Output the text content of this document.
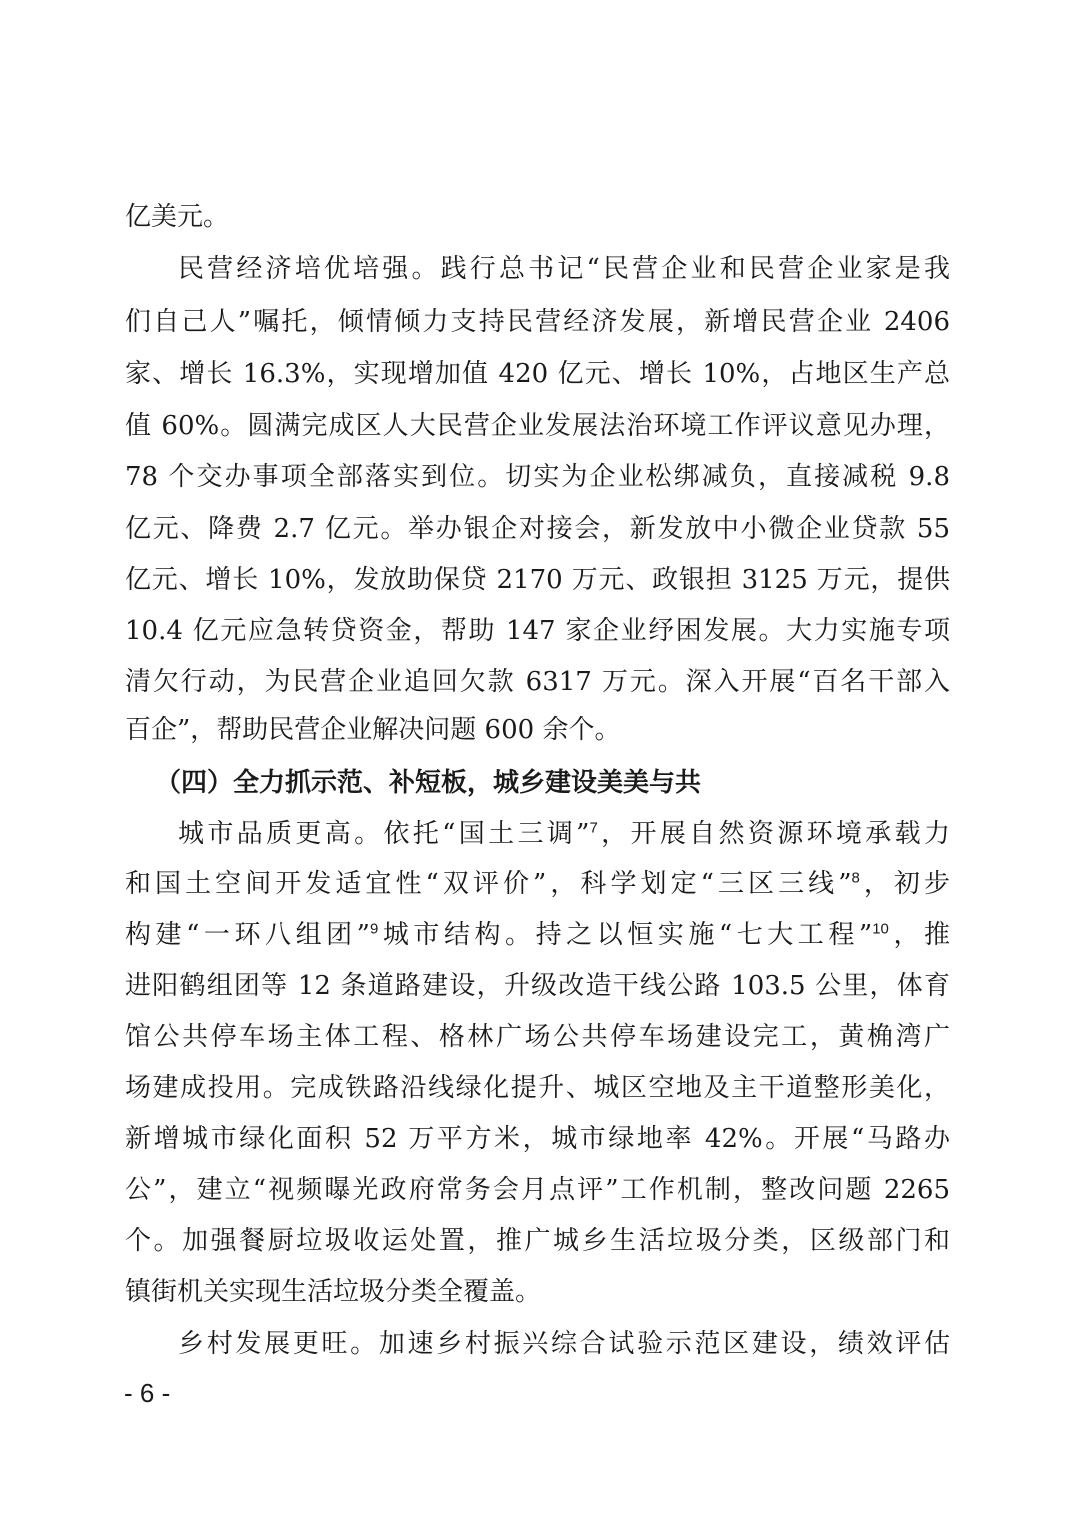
亿美元。
民营经济培优培强。践行总书记“民营企业和民营企业家是我
们自己人”嘱托，倾情倾力支持民营经济发展，新增民营企业 2406
家、增长 16.3%，实现增加值 420 亿元、增长 10%，占地区生产总
值 60%。圆满完成区人大民营企业发展法治环境工作评议意见办理，
78 个交办事项全部落实到位。切实为企业松绑减负，直接减税 9.8
亿元、降费 2.7 亿元。举办银企对接会，新发放中小微企业贷款 55
亿元、增长 10%，发放助保贷 2170 万元、政银担 3125 万元，提供
10.4 亿元应急转贷资金，帮助 147 家企业纾困发展。大力实施专项
清欠行动，为民营企业追回欠款 6317 万元。深入开展“百名干部入
百企”，帮助民营企业解决问题 600 余个。
（四）全力抓示范、补短板，城乡建设美美与共
城市品质更高。依托“国土三调”$^7$，开展自然资源环境承载力
和国土空间开发适宜性“双评价”，科学划定“三区三线”$^8$，初步
构建“一环八组团”$^9$城市结构。持之以恒实施“七大工程”$^{10}$，推
进阳鹤组团等 12 条道路建设，升级改造干线公路 103.5 公里，体育
馆公共停车场主体工程、格林广场公共停车场建设完工，黄桷湾广
场建成投用。完成铁路沿线绿化提升、城区空地及主干道整形美化，
新增城市绿化面积 52 万平方米，城市绿地率 42%。开展“马路办
公”，建立“视频曝光政府常务会月点评”工作机制，整改问题 2265
个。加强餐厨垃圾收运处置，推广城乡生活垃圾分类，区级部门和
镇街机关实现生活垃圾分类全覆盖。
乡村发展更旺。加速乡村振兴综合试验示范区建设，绩效评估
- 6 -
